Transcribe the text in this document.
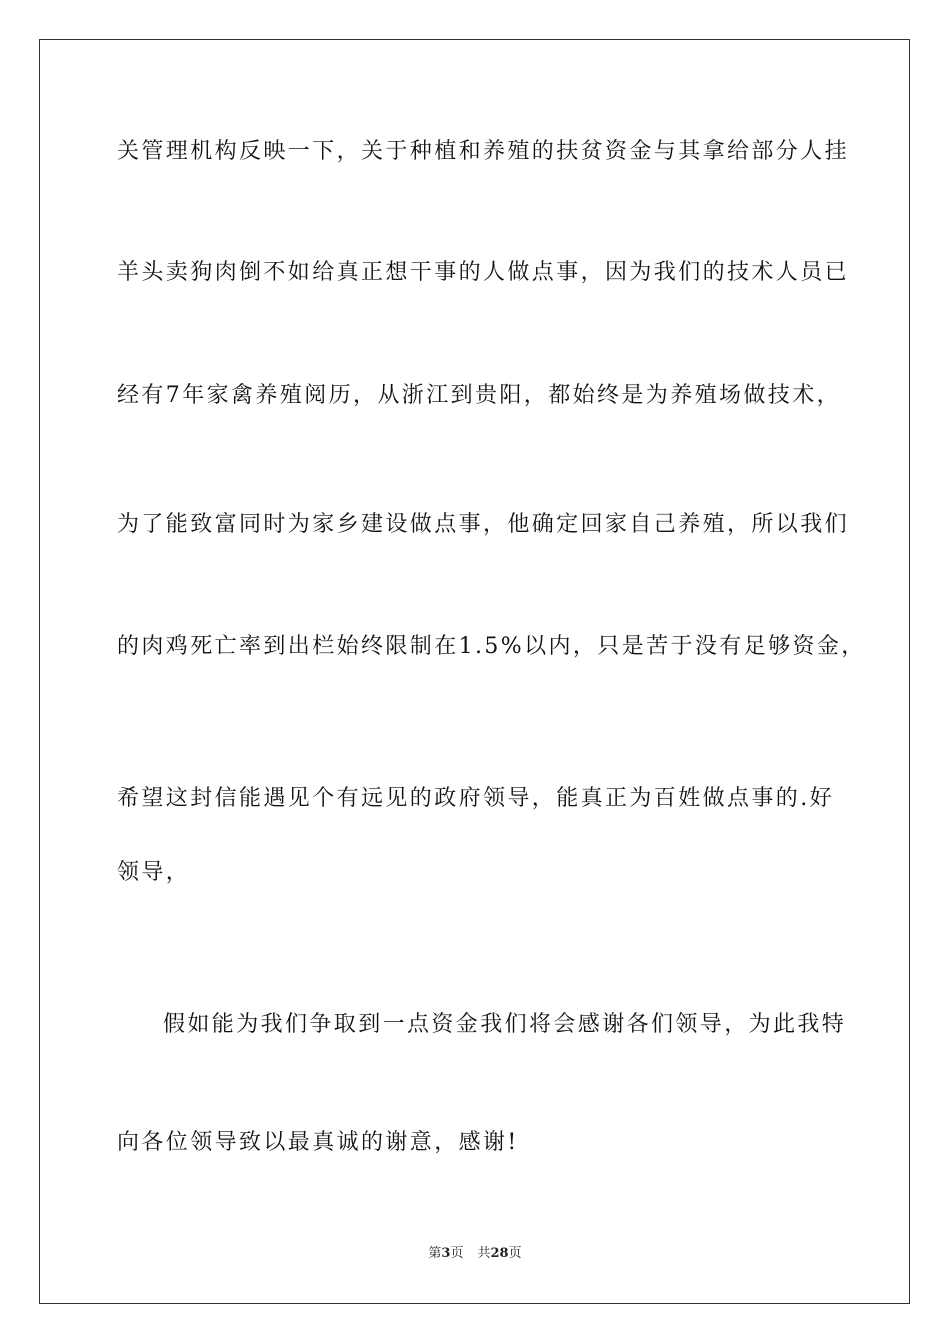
关管理机构反映一下，关于种植和养殖的扶贫资金与其拿给部分人挂
羊头卖狗肉倒不如给真正想干事的人做点事，因为我们的技术人员已
经有7年家禽养殖阅历，从浙江到贵阳，都始终是为养殖场做技术，
为了能致富同时为家乡建设做点事，他确定回家自己养殖，所以我们
的肉鸡死亡率到出栏始终限制在1.5%以内，只是苦于没有足够资金，
希望这封信能遇见个有远见的政府领导，能真正为百姓做点事的.好
领导，
假如能为我们争取到一点资金我们将会感谢各们领导，为此我特
向各位领导致以最真诚的谢意，感谢!
第3页 共28页
